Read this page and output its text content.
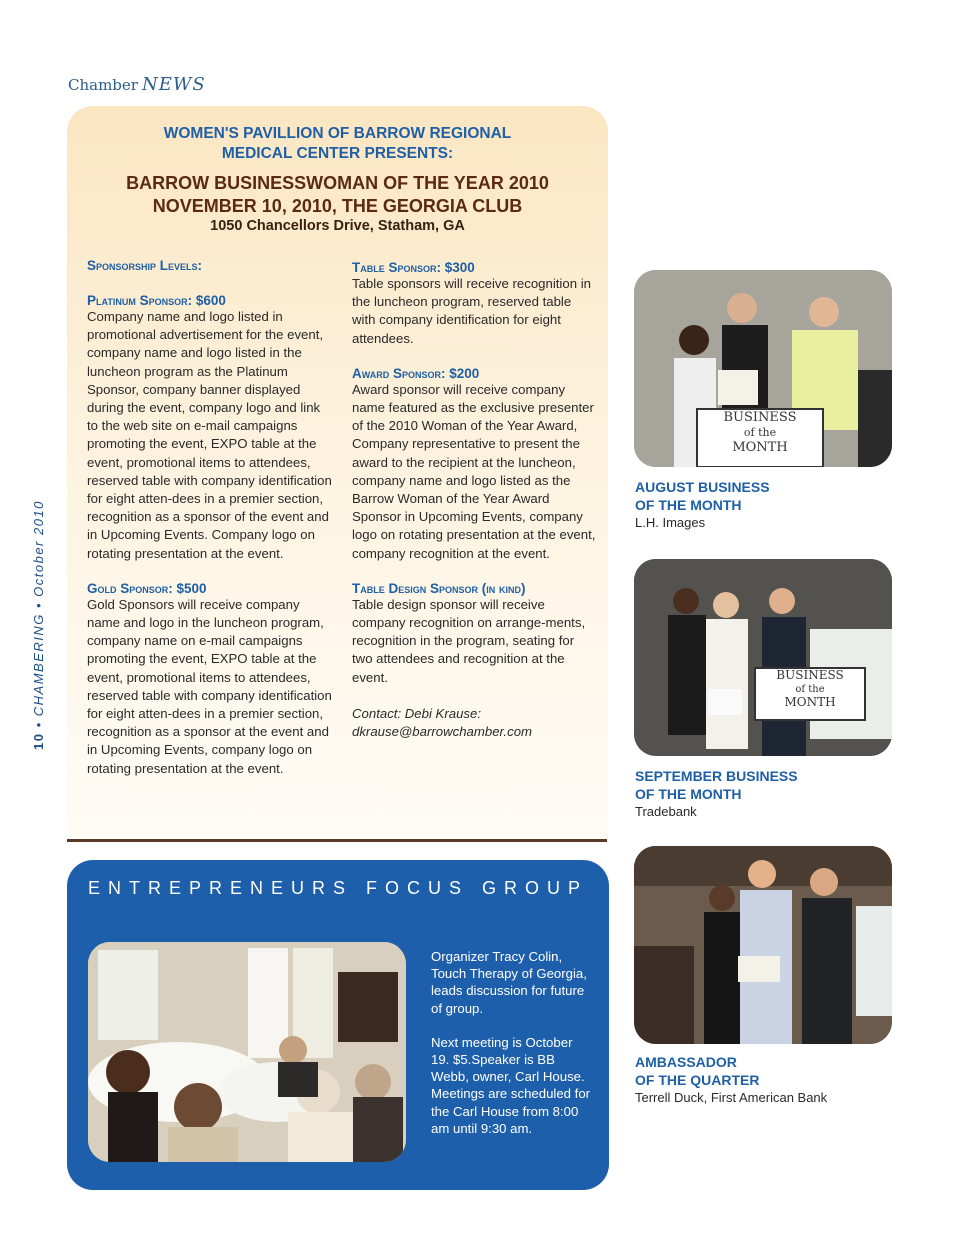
Chamber NEWS
10 • CHAMBERING • October 2010
WOMEN'S PAVILLION OF BARROW REGIONAL
MEDICAL CENTER PRESENTS:
BARROW BUSINESSWOMAN OF THE YEAR 2010
NOVEMBER 10, 2010, THE GEORGIA CLUB
1050 Chancellors Drive, Statham, GA
Sponsorship Levels:
Platinum Sponsor: $600

Company name and logo listed in promotional advertisement for the event, company name and logo listed in the luncheon program as the Platinum Sponsor, company banner displayed during the event, company logo and link to the web site on e-mail campaigns promoting the event, EXPO table at the event, promotional items to attendees, reserved table with company identification for eight atten-dees in a premier section, recognition as a sponsor of the event and in Upcoming Events. Company logo on rotating presentation at the event.

Gold Sponsor: $500

Gold Sponsors will receive company name and logo in the luncheon program, company name on e-mail campaigns promoting the event, EXPO table at the event, promotional items to attendees, reserved table with company identification for eight atten-dees in a premier section, recognition as a sponsor at the event and in Upcoming Events, company logo on rotating presentation at the event.

Table Sponsor: $300

Table sponsors will receive recognition in the luncheon program, reserved table with company identification for eight attendees.

Award Sponsor: $200

Award sponsor will receive company name featured as the exclusive presenter of the 2010 Woman of the Year Award, Company representative to present the award to the recipient at the luncheon, company name and logo listed as the Barrow Woman of the Year Award Sponsor in Upcoming Events, company logo on rotating presentation at the event, company recognition at the event.

Table Design Sponsor (in kind)

Table design sponsor will receive company recognition on arrange-ments, recognition in the program, seating for two attendees and recognition at the event.

Contact: Debi Krause:
dkrause@barrowchamber.com
ENTREPRENEURS FOCUS GROUP

Organizer Tracy Colin, Touch Therapy of Georgia, leads discussion for future of group.

Next meeting is October 19. $5.Speaker is BB Webb, owner, Carl House. Meetings are scheduled for the Carl House from 8:00 am until 9:30 am.

BUSINESS
of the
MONTH
AUGUST BUSINESS
OF THE MONTH
L.H. Images
BUSINESS
of the
MONTH
SEPTEMBER BUSINESS
OF THE MONTH
Tradebank
AMBASSADOR
OF THE QUARTER
Terrell Duck, First American Bank
